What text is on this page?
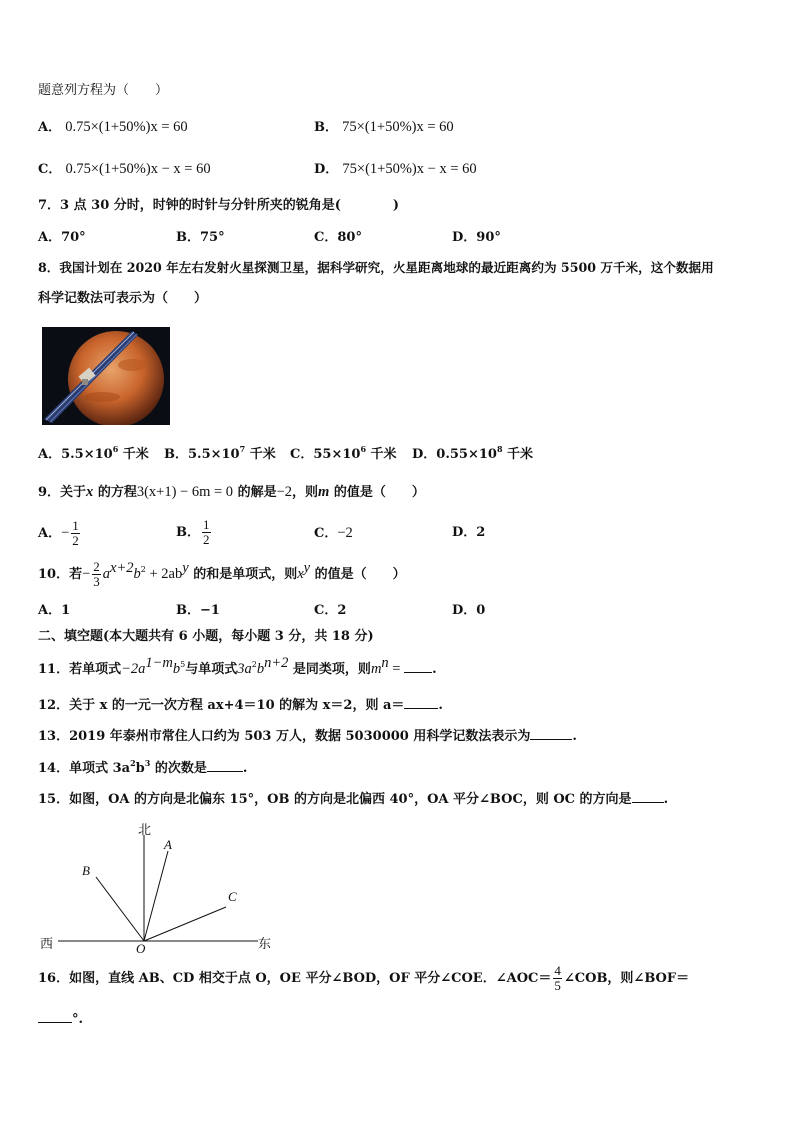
题意列方程为（　　）
A． 0.75×(1+50%)x = 60	B． 75×(1+50%)x = 60
C． 0.75×(1+50%)x − x = 60	D． 75×(1+50%)x − x = 60
7．3 点 30 分时，时钟的时针与分针所夹的锐角是(　　　　)
A．70°	B．75°	C．80°	D．90°
8．我国计划在 2020 年左右发射火星探测卫星，据科学研究，火星距离地球的最近距离约为 5500 万千米，这个数据用
科学记数法可表示为（　　）
A．$5.5\times 10^6$ 千米 B．$5.5\times 10^7$ 千米 C．$55\times 10^6$ 千米 D．$0.55\times 10^8$ 千米
9．关于x 的方程3(x+1) − 6m = 0 的解是−2，则m 的值是（　　）
A．− $\frac{1}{2}$	B． $\frac{1}{2}$	C．−2	D．2
10．若− $\frac{2}{3} a^{x+2}b^2 + 2ab^y$ 的和是单项式，则$x^y$ 的值是（　　）
A．1	B．−1	C．2	D．0
二、填空题(本大题共有 6 小题，每小题 3 分，共 18 分)
11．若单项式$-2a^{1-m}b^5$与单项式$3a^2b^{n+2}$ 是同类项，则$m^n$ = .
12．关于 x 的一元一次方程 ax+4＝10 的解为 x＝2，则 a＝	.
13．2019 年泰州市常住人口约为 503 万人，数据 5030000 用科学记数法表示为	.
14．单项式 $3a^2b^3$ 的次数是	.
15．如图，OA 的方向是北偏东 15°，OB 的方向是北偏西 40°，OA 平分∠BOC，则 OC 的方向是 .
北
西	东
A
B
C
O
16．如图，直线 AB、CD 相交于点 O，OE 平分∠BOD，OF 平分∠COE．∠AOC＝ $\frac{4}{5}$ ∠COB，则∠BOF＝
°.
